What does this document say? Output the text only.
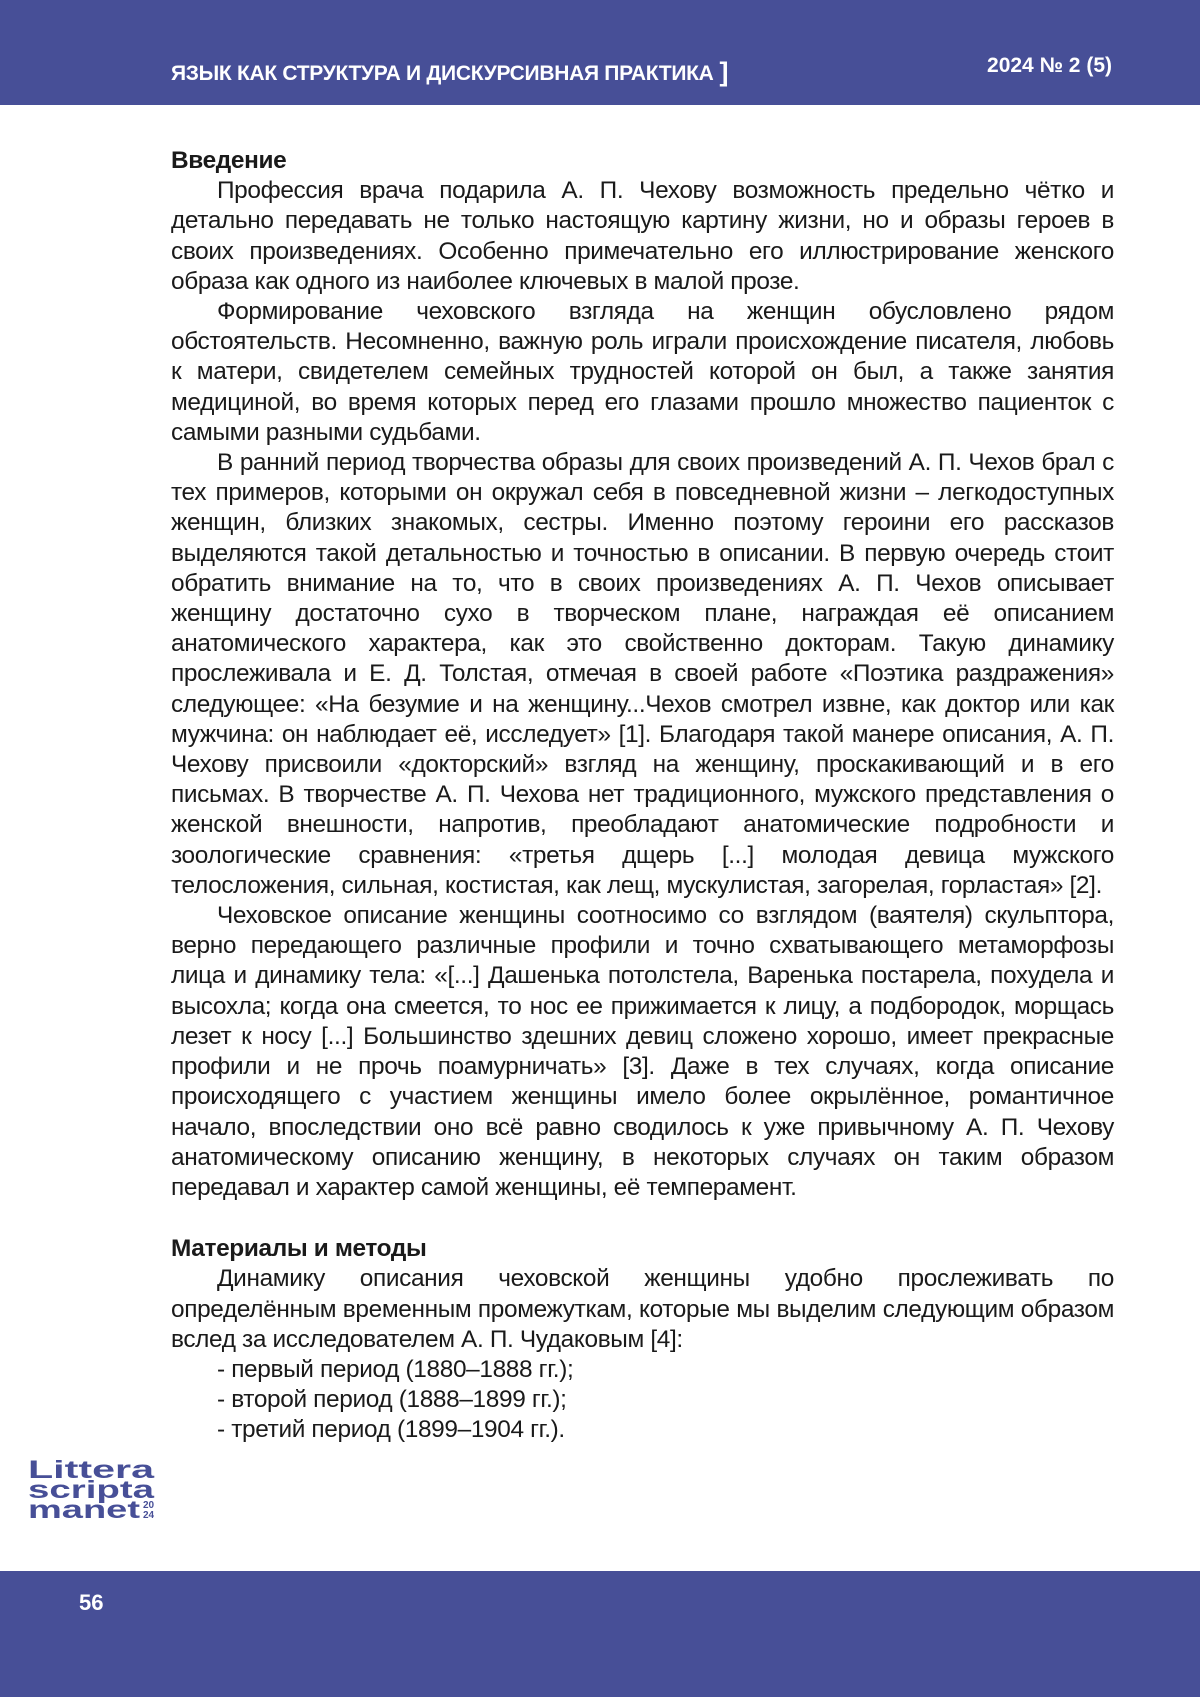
ЯЗЫК КАК СТРУКТУРА И ДИСКУРСИВНАЯ ПРАКТИКА ]	2024 № 2 (5)
Введение

Профессия врача подарила А. П. Чехову возможность предельно чётко и детально передавать не только настоящую картину жизни, но и образы героев в своих произведениях. Особенно примечательно его иллюстрирование женского образа как одного из наиболее ключевых в малой прозе.

Формирование чеховского взгляда на женщин обусловлено рядом обстоятельств. Несомненно, важную роль играли происхождение писателя, любовь к матери, свидетелем семейных трудностей которой он был, а также занятия медициной, во время которых перед его глазами прошло множество пациенток с самыми разными судьбами.

В ранний период творчества образы для своих произведений А. П. Чехов брал с тех примеров, которыми он окружал себя в повседневной жизни – легкодоступных женщин, близких знакомых, сестры. Именно поэтому героини его рассказов выделяются такой детальностью и точностью в описании. В первую очередь стоит обратить внимание на то, что в своих произведениях А. П. Чехов описывает женщину достаточно сухо в творческом плане, награждая её описанием анатомического характера, как это свойственно докторам. Такую динамику прослеживала и Е. Д. Толстая, отмечая в своей работе «Поэтика раздражения» следующее: «На безумие и на женщину...Чехов смотрел извне, как доктор или как мужчина: он наблюдает её, исследует» [1]. Благодаря такой манере описания, А. П. Чехову присвоили «докторский» взгляд на женщину, проскакивающий и в его письмах. В творчестве А. П. Чехова нет традиционного, мужского представления о женской внешности, напротив, преобладают анатомические подробности и зоологические сравнения: «третья дщерь [...] молодая девица мужского телосложения, сильная, костистая, как лещ, мускулистая, загорелая, горластая» [2].

Чеховское описание женщины соотносимо со взглядом (ваятеля) скульптора, верно передающего различные профили и точно схватывающего метаморфозы лица и динамику тела: «[...] Дашенька потолстела, Варенька постарела, похудела и высохла; когда она смеется, то нос ее прижимается к лицу, а подбородок, морщась лезет к носу [...] Большинство здешних девиц сложено хорошо, имеет прекрасные профили и не прочь поамурни­чать» [3]. Даже в тех случаях, когда описание происходящего с участием женщины имело более окрылённое, романтичное начало, впоследствии оно всё равно сводилось к уже привычному А. П. Чехову анатомическому описанию женщину, в некоторых случаях он таким образом передавал и характер самой женщины, её темперамент.

Материалы и методы

Динамику описания чеховской женщины удобно прослеживать по определённым временным промежуткам, которые мы выделим следующим образом вслед за исследователем А. П. Чудаковым [4]:

- первый период (1880–1888 гг.);

- второй период (1888–1899 гг.);

- третий период (1899–1904 гг.).

Littera
scripta
manet	20
24
56
